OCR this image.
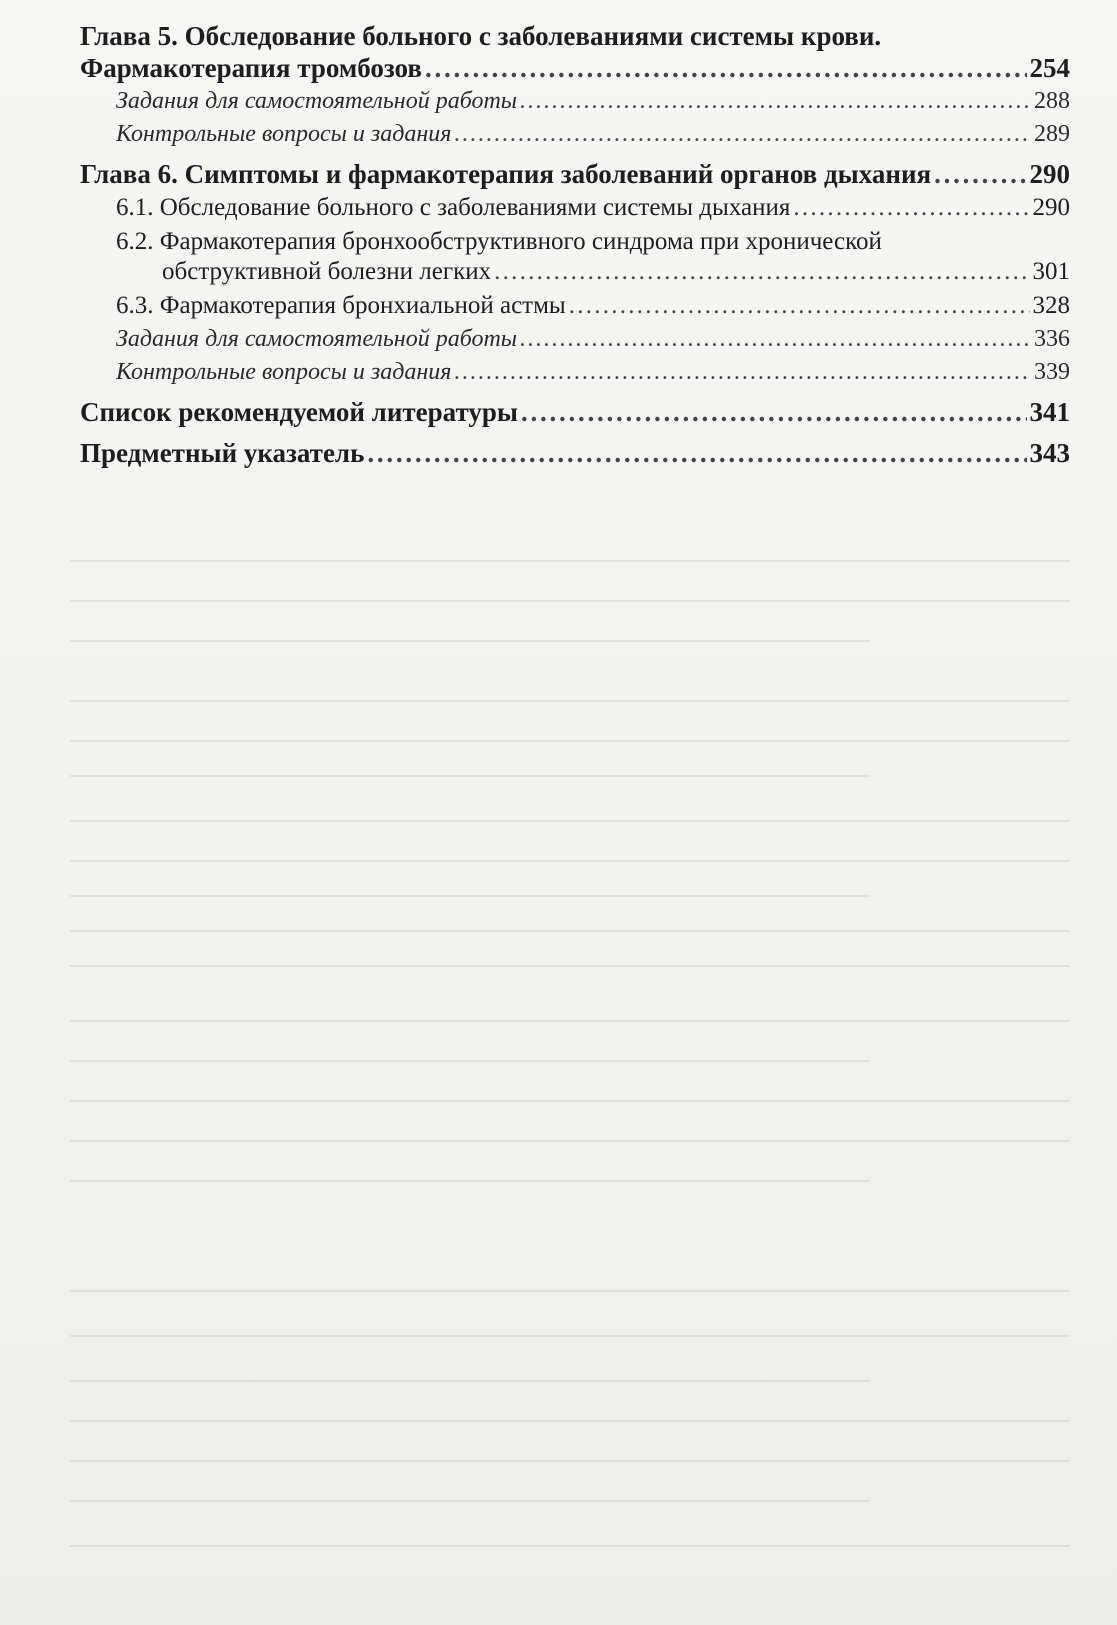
Глава 5. Обследование больного с заболеваниями системы крови.
Фармакотерапия тромбозов . . .	254
Задания для самостоятельной работы . . .	288
Контрольные вопросы и задания . . .	289
Глава 6. Симптомы и фармакотерапия заболеваний органов дыхания . . .	290
6.1. Обследование больного с заболеваниями системы дыхания . . .	290
6.2. Фармакотерапия бронхообструктивного синдрома при хронической
обструктивной болезни легких . . .	301
6.3. Фармакотерапия бронхиальной астмы . . .	328
Задания для самостоятельной работы . . .	336
Контрольные вопросы и задания . . .	339
Список рекомендуемой литературы . . .	341
Предметный указатель . . .	343
